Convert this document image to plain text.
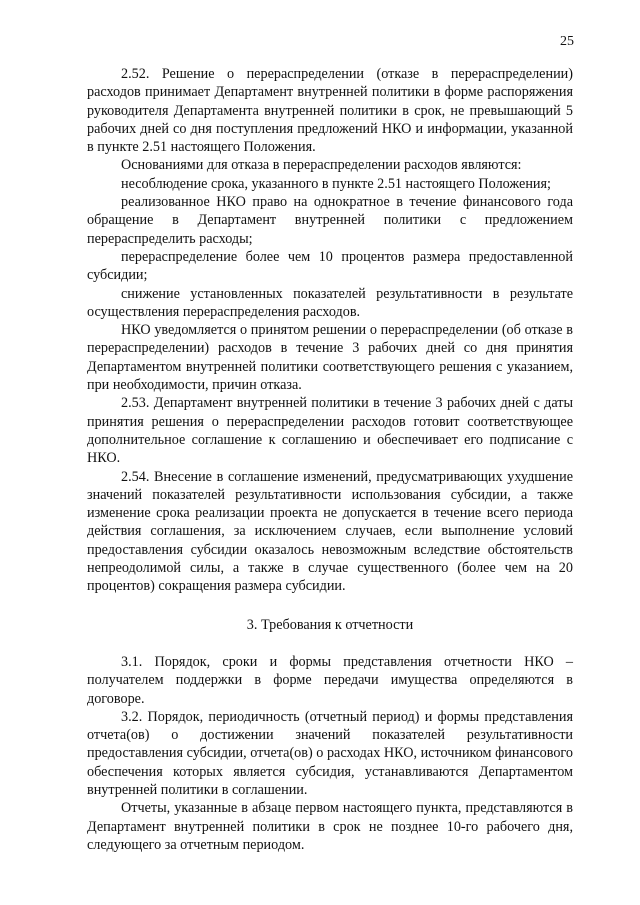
25

2.52. Решение о перераспределении (отказе в перераспределении) расходов принимает Департамент внутренней политики в форме распоряжения руководителя Департамента внутренней политики в срок, не превышающий 5 рабочих дней со дня поступления предложений НКО и информации, указанной в пункте 2.51 настоящего Положения.

Основаниями для отказа в перераспределении расходов являются:

несоблюдение срока, указанного в пункте 2.51 настоящего Положения;

реализованное НКО право на однократное в течение финансового года обращение в Департамент внутренней политики с предложением перераспределить расходы;

перераспределение более чем 10 процентов размера предоставленной субсидии;

снижение установленных показателей результативности в результате осуществления перераспределения расходов.

НКО уведомляется о принятом решении о перераспределении (об отказе в перераспределении) расходов в течение 3 рабочих дней со дня принятия Департаментом внутренней политики соответствующего решения с указанием, при необходимости, причин отказа.

2.53. Департамент внутренней политики в течение 3 рабочих дней с даты принятия решения о перераспределении расходов готовит соответствующее дополнительное соглашение к соглашению и обеспечивает его подписание с НКО.

2.54. Внесение в соглашение изменений, предусматривающих ухудшение значений показателей результативности использования субсидии, а также изменение срока реализации проекта не допускается в течение всего периода действия соглашения, за исключением случаев, если выполнение условий предоставления субсидии оказалось невозможным вследствие обстоятельств непреодолимой силы, а также в случае существенного (более чем на 20 процентов) сокращения размера субсидии.

3. Требования к отчетности

3.1. Порядок, сроки и формы представления отчетности НКО – получателем поддержки в форме передачи имущества определяются в договоре.

3.2. Порядок, периодичность (отчетный период) и формы представления отчета(ов) о достижении значений показателей результативности предоставления субсидии, отчета(ов) о расходах НКО, источником финансового обеспечения которых является субсидия, устанавливаются Департаментом внутренней политики в соглашении.

Отчеты, указанные в абзаце первом настоящего пункта, представляются в Департамент внутренней политики в срок не позднее 10-го рабочего дня, следующего за отчетным периодом.
